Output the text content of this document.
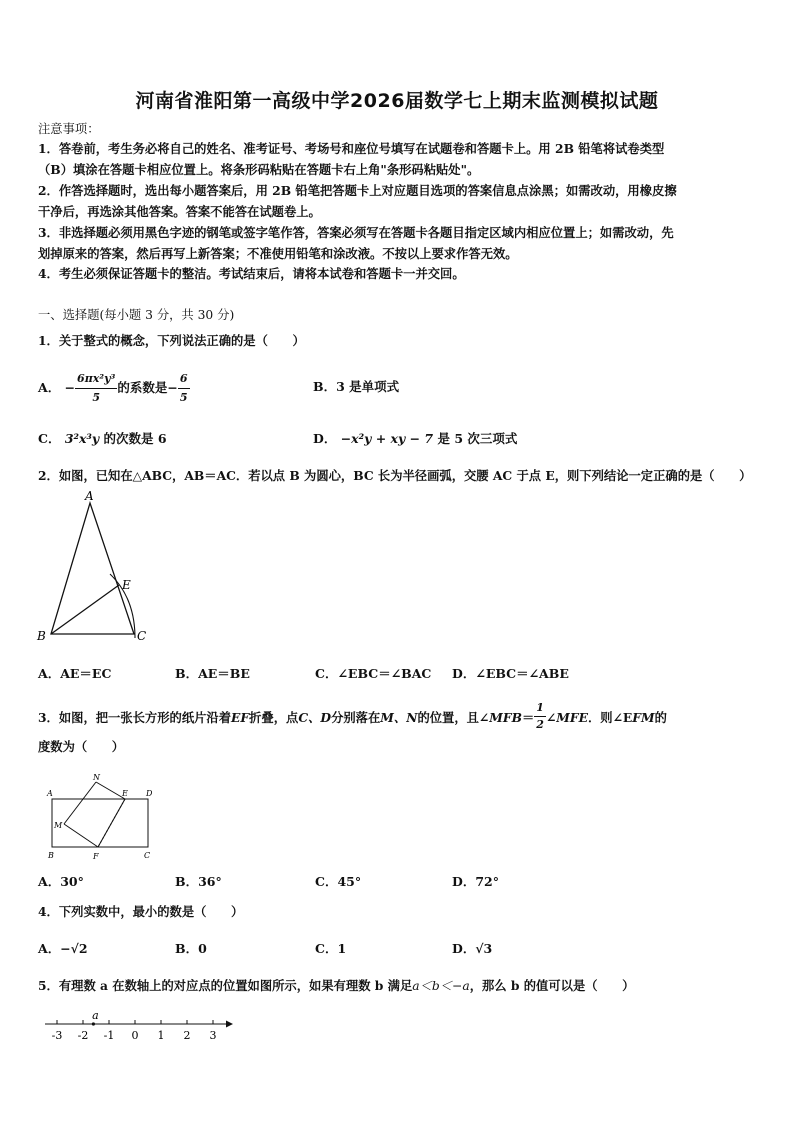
河南省淮阳第一高级中学2026届数学七上期末监测模拟试题
注意事项：
1．答卷前，考生务必将自己的姓名、准考证号、考场号和座位号填写在试题卷和答题卡上。用 2B 铅笔将试卷类型
（B）填涂在答题卡相应位置上。将条形码粘贴在答题卡右上角"条形码粘贴处"。
2．作答选择题时，选出每小题答案后，用 2B 铅笔把答题卡上对应题目选项的答案信息点涂黑；如需改动，用橡皮擦
干净后，再选涂其他答案。答案不能答在试题卷上。
3．非选择题必须用黑色字迹的钢笔或签字笔作答，答案必须写在答题卡各题目指定区域内相应位置上；如需改动，先
划掉原来的答案，然后再写上新答案；不准使用铅笔和涂改液。不按以上要求作答无效。
4．考生必须保证答题卡的整洁。考试结束后，请将本试卷和答题卡一并交回。
一、选择题(每小题 3 分，共 30 分)
1．关于整式的概念，下列说法正确的是（　　）
A． − $\frac{\text{6πx²y³}}{5}$ 的系数是− $\frac{6}{5}$	B．3 是单项式
C． 3²x³y 的次数是 6	D． −x²y + xy − 7 是 5 次三项式
2．如图，已知在△ABC，AB＝AC．若以点 B 为圆心，BC 长为半径画弧，交腰 AC 于点 E，则下列结论一定正确的是（　　）
A
B	C
E
A．AE＝EC	B．AE＝BE	C．∠EBC＝∠BAC D．∠EBC＝∠ABE
3．如图，把一张长方形的纸片沿着EF折叠，点C、D分别落在M、N的位置，且∠MFB＝ $\frac{1}{2}$ ∠MFE．则∠EFM的
度数为（　　）
A
B	C
D
E
F
M
N
A．30°	B．36°	C．45°	D．72°
4．下列实数中，最小的数是（　　）
A．−√2	B．0	C．1	D．√3
5．有理数 a 在数轴上的对应点的位置如图所示，如果有理数 b 满足a＜b＜−a，那么 b 的值可以是（　　）
-3 -2 -1 0 1 2 3
a
